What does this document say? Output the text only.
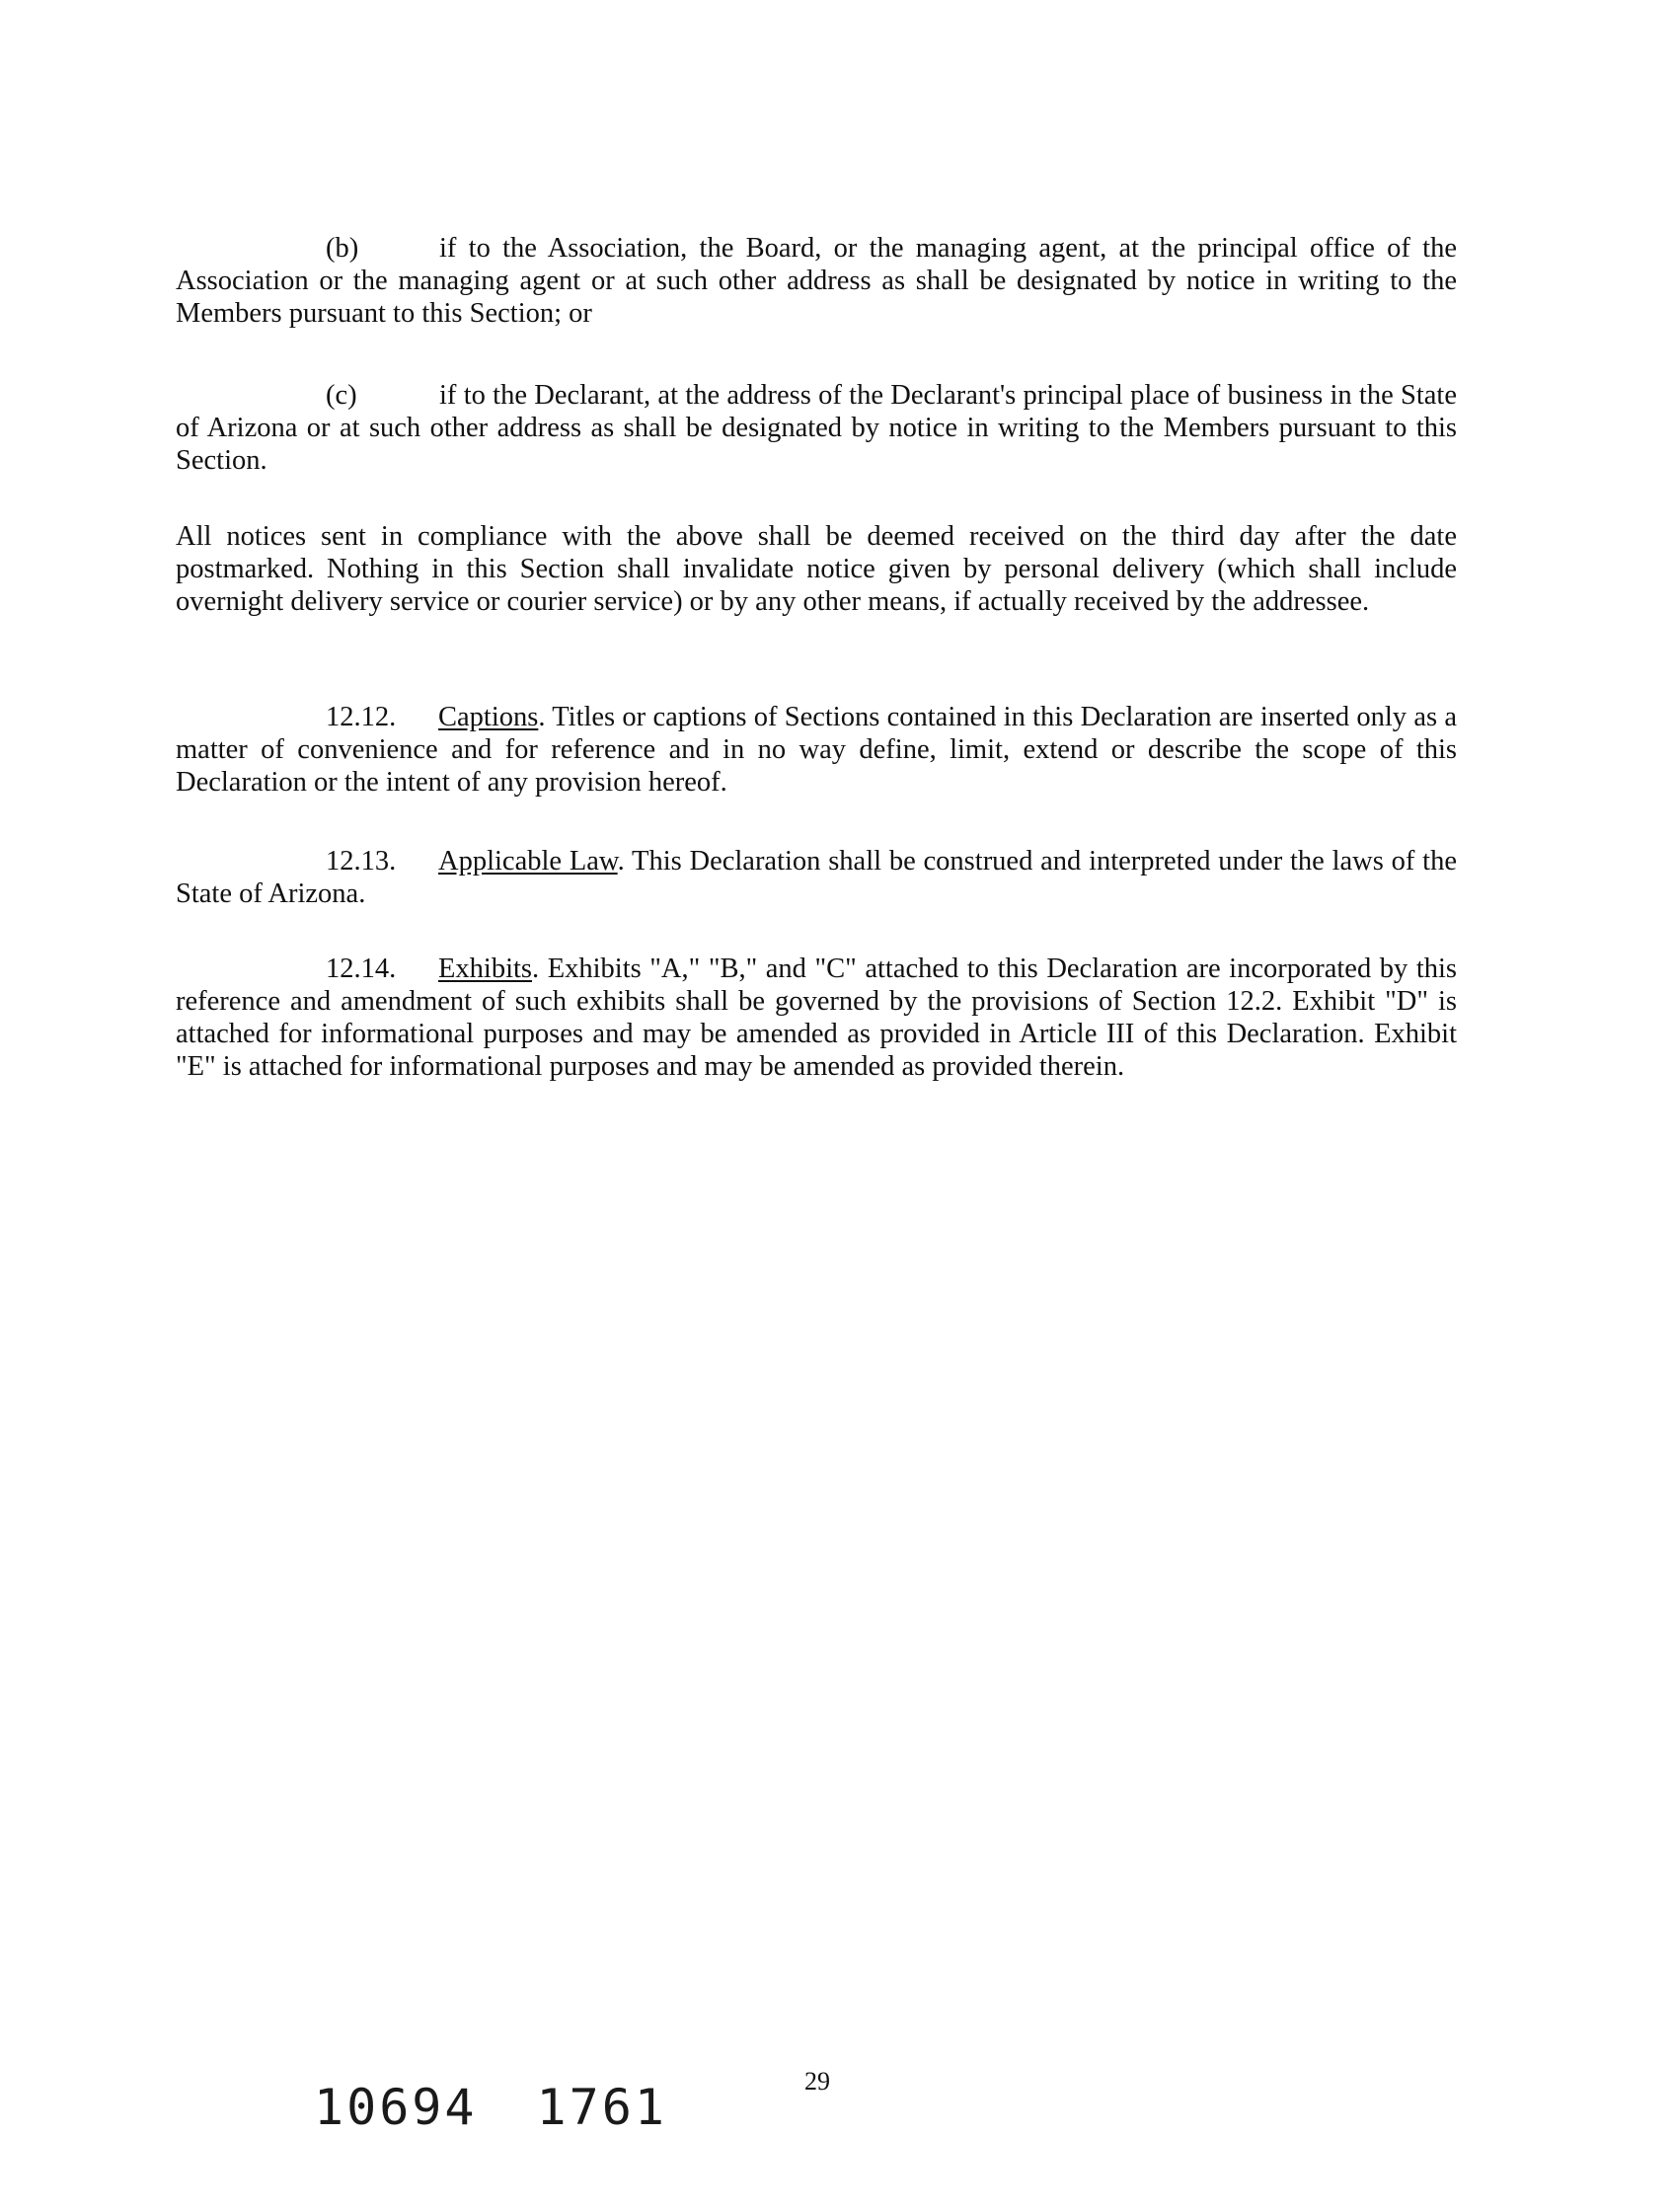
(b)	if to the Association, the Board, or the managing agent, at the principal office of the Association or the managing agent or at such other address as shall be designated by notice in writing to the Members pursuant to this Section; or

(c)	if to the Declarant, at the address of the Declarant's principal place of business in the State of Arizona or at such other address as shall be designated by notice in writing to the Members pursuant to this Section.

All notices sent in compliance with the above shall be deemed received on the third day after the date postmarked. Nothing in this Section shall invalidate notice given by personal delivery (which shall include overnight delivery service or courier service) or by any other means, if actually received by the addressee.

12.12. Captions. Titles or captions of Sections contained in this Declaration are inserted only as a matter of convenience and for reference and in no way define, limit, extend or describe the scope of this Declaration or the intent of any provision hereof.

12.13. Applicable Law. This Declaration shall be construed and interpreted under the laws of the State of Arizona.

12.14. Exhibits. Exhibits "A," "B," and "C" attached to this Declaration are incorporated by this reference and amendment of such exhibits shall be governed by the provisions of Section 12.2. Exhibit "D" is attached for informational purposes and may be amended as provided in Article III of this Declaration. Exhibit "E" is attached for informational purposes and may be amended as provided therein.

29

10694 1761
